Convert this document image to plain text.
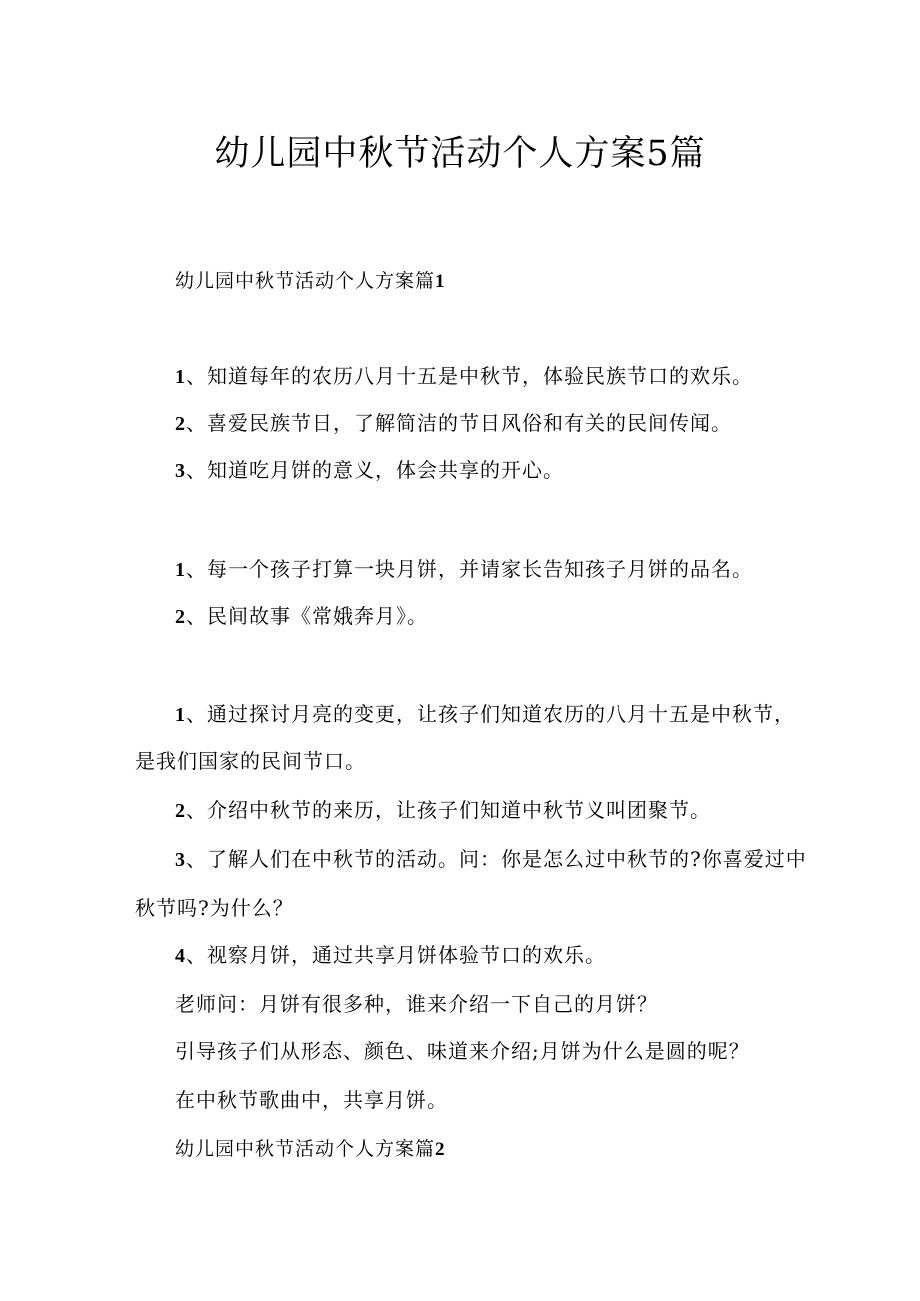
幼儿园中秋节活动个人方案5篇

幼儿园中秋节活动个人方案篇1

1、知道每年的农历八月十五是中秋节，体验民族节口的欢乐。

2、喜爱民族节日，了解简洁的节日风俗和有关的民间传闻。

3、知道吃月饼的意义，体会共享的开心。

1、每一个孩子打算一块月饼，并请家长告知孩子月饼的品名。

2、民间故事《常娥奔月》。

1、通过探讨月亮的变更，让孩子们知道农历的八月十五是中秋节，

是我们国家的民间节口。

2、介绍中秋节的来历，让孩子们知道中秋节义叫团聚节。

3、了解人们在中秋节的活动。问：你是怎么过中秋节的?你喜爱过中

秋节吗?为什么？

4、视察月饼，通过共享月饼体验节口的欢乐。

老师问：月饼有很多种，谁来介绍一下自己的月饼？

引导孩子们从形态、颜色、味道来介绍;月饼为什么是圆的呢？

在中秋节歌曲中，共享月饼。

幼儿园中秋节活动个人方案篇2
